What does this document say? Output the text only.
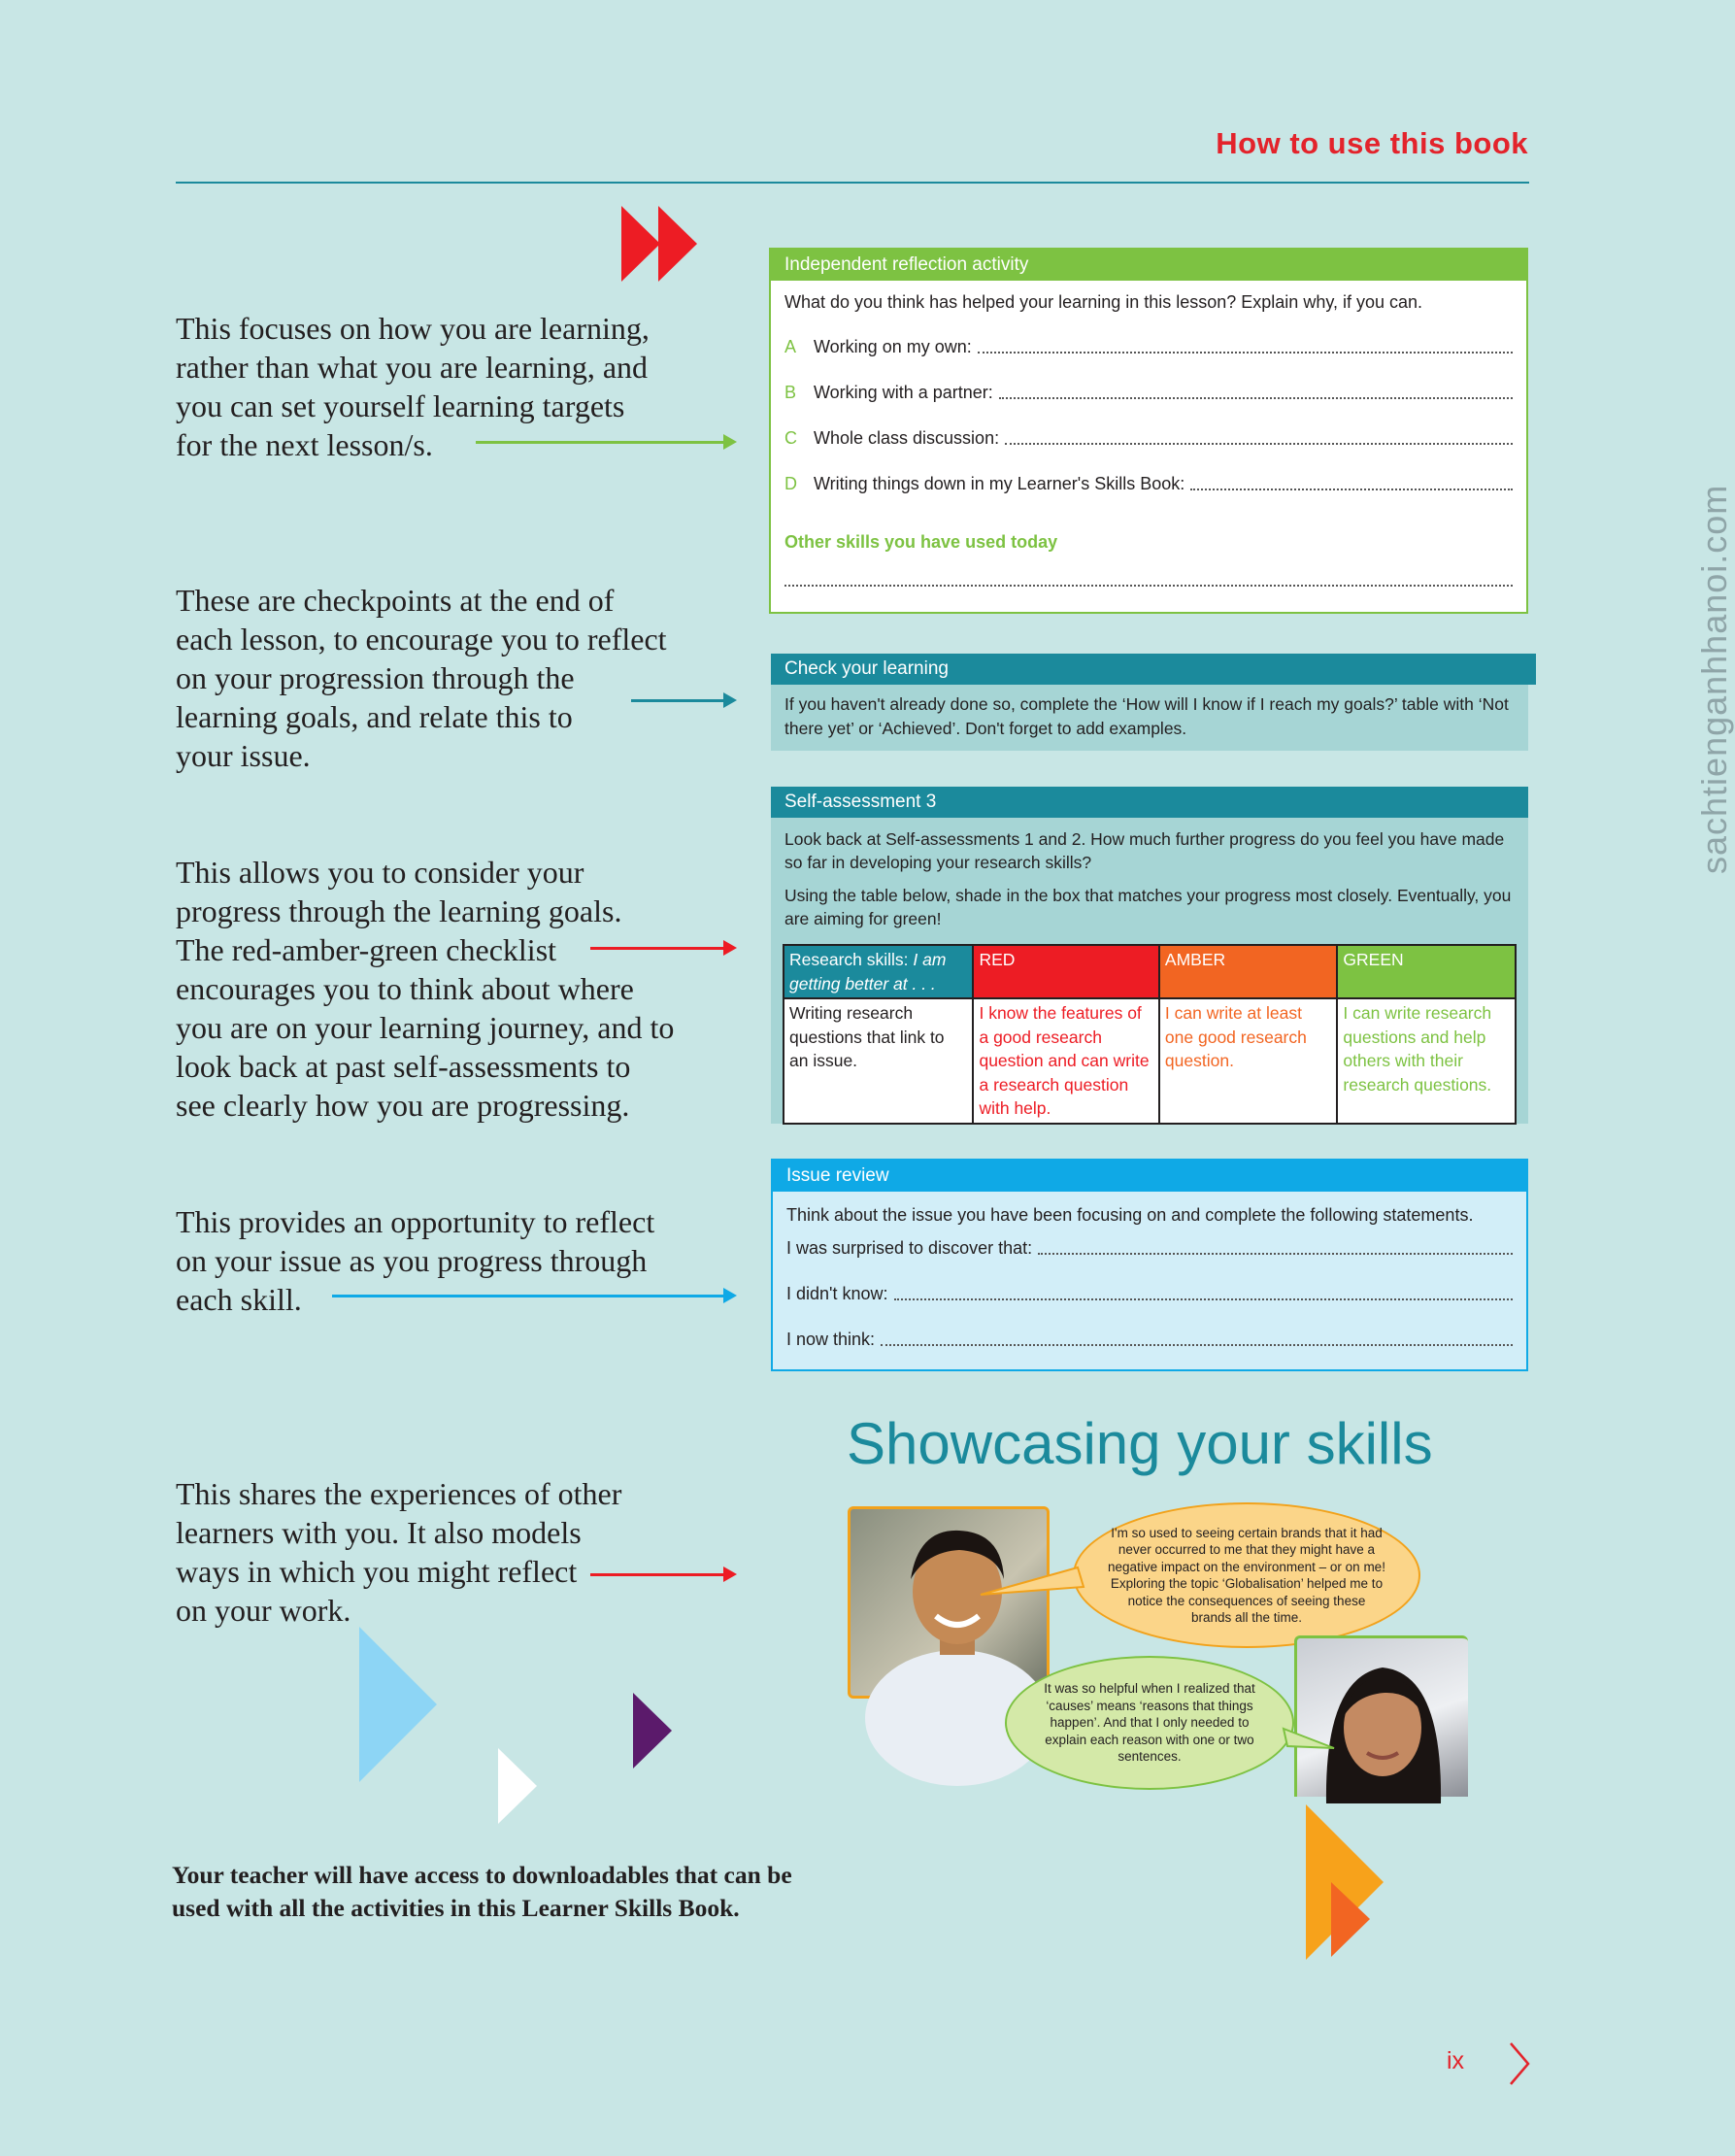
How to use this book
This focuses on how you are learning,
rather than what you are learning, and
you can set yourself learning targets
for the next lesson/s.
These are checkpoints at the end of
each lesson, to encourage you to reflect
on your progression through the
learning goals, and relate this to
your issue.
This allows you to consider your
progress through the learning goals.
The red-amber-green checklist
encourages you to think about where
you are on your learning journey, and to
look back at past self-assessments to
see clearly how you are progressing.
This provides an opportunity to reflect
on your issue as you progress through
each skill.
This shares the experiences of other
learners with you. It also models
ways in which you might reflect
on your work.
Independent reflection activity
What do you think has helped your learning in this lesson? Explain why, if you can.
A Working on my own:
B Working with a partner:
C Whole class discussion:
D Writing things down in my Learner's Skills Book:
Other skills you have used today
Check your learning
If you haven't already done so, complete the ‘How will I know if I reach my goals?’ table with ‘Not there yet’ or ‘Achieved’. Don't forget to add examples.
Self-assessment 3
Look back at Self-assessments 1 and 2. How much further progress do you feel you have made so far in developing your research skills?
Using the table below, shade in the box that matches your progress most closely. Eventually, you are aiming for green!
Research skills: I am getting better at . . .	RED	AMBER	GREEN
Writing research questions that link to an issue.	I know the features of a good research question and can write a research question with help.	I can write at least one good research question.	I can write research questions and help others with their research questions.
Issue review
Think about the issue you have been focusing on and complete the following statements.
I was surprised to discover that:
I didn't know:
I now think:
Showcasing your skills
I'm so used to seeing certain brands that it had never occurred to me that they might have a negative impact on the environment – or on me! Exploring the topic ‘Globalisation’ helped me to notice the consequences of seeing these brands all the time.
It was so helpful when I realized that ‘causes’ means ‘reasons that things happen’. And that I only needed to explain each reason with one or two sentences.
Your teacher will have access to downloadables that can be
used with all the activities in this Learner Skills Book.
ix
sachtienganhhanoi.com
